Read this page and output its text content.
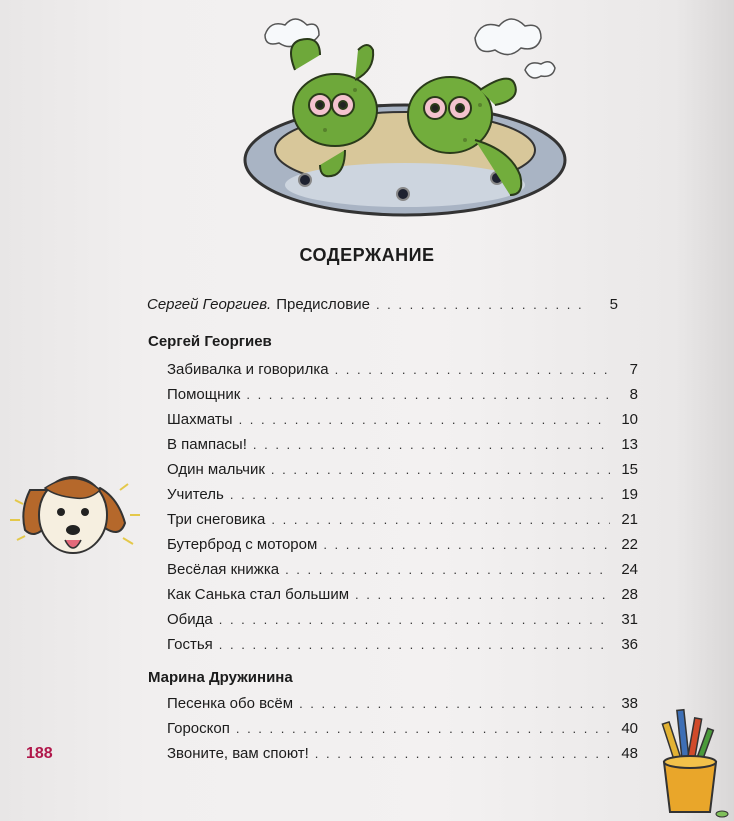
СОДЕРЖАНИЕ
Сергей Георгиев. Предисловие . . .	5
Сергей Георгиев
Забивалка и говорилка . . .	7
Помощник . . .	8
Шахматы . . .	10
В пампасы! . . .	13
Один мальчик . . .	15
Учитель . . .	19
Три снеговика . . .	21
Бутерброд с мотором . . .	22
Весёлая книжка . . .	24
Как Санька стал большим . . .	28
Обида . . .	31
Гостья . . .	36
Марина Дружинина
Песенка обо всём . . .	38
Гороскоп . . .	40
Звоните, вам споют! . . .	48
188
